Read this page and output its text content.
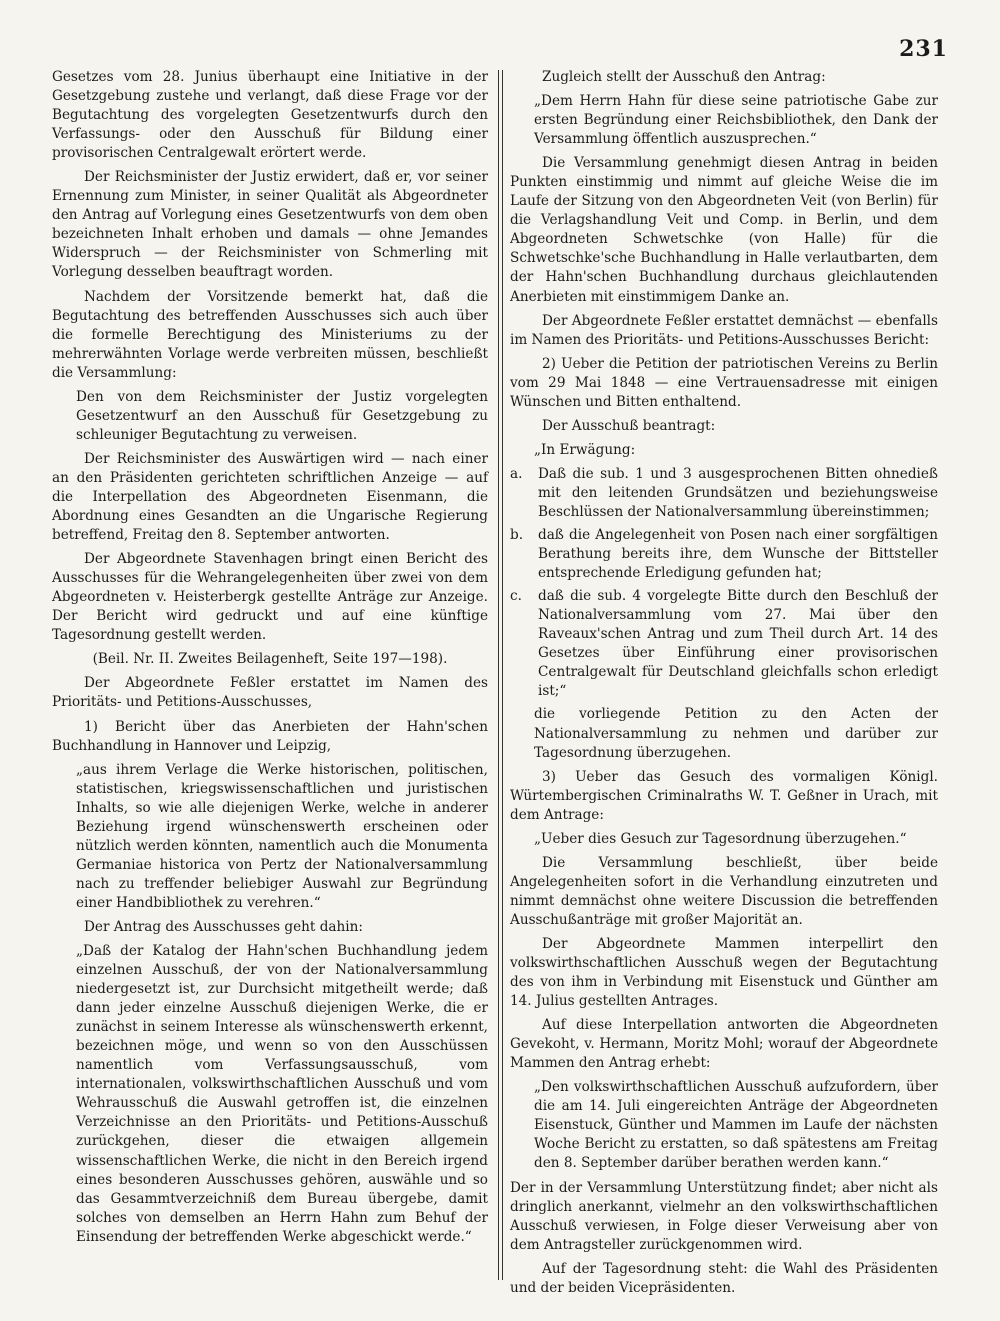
231

Gesetzes vom 28. Junius überhaupt eine Initiative in der Gesetzgebung zustehe und verlangt, daß diese Frage vor der Begutachtung des vorgelegten Gesetzentwurfs durch den Verfassungs- oder den Ausschuß für Bildung einer provisorischen Centralgewalt erörtert werde.

Der Reichsminister der Justiz erwidert, daß er, vor seiner Ernennung zum Minister, in seiner Qualität als Abgeordneter den Antrag auf Vorlegung eines Gesetzentwurfs von dem oben bezeichneten Inhalt erhoben und damals — ohne Jemandes Widerspruch — der Reichsminister von Schmerling mit Vorlegung desselben beauftragt worden.

Nachdem der Vorsitzende bemerkt hat, daß die Begutachtung des betreffenden Ausschusses sich auch über die formelle Berechtigung des Ministeriums zu der mehrerwähnten Vorlage werde verbreiten müssen, beschließt die Versammlung:

Den von dem Reichsminister der Justiz vorgelegten Gesetzentwurf an den Ausschuß für Gesetzgebung zu schleuniger Begutachtung zu verweisen.

Der Reichsminister des Auswärtigen wird — nach einer an den Präsidenten gerichteten schriftlichen Anzeige — auf die Interpellation des Abgeordneten Eisenmann, die Abordnung eines Gesandten an die Ungarische Regierung betreffend, Freitag den 8. September antworten.

Der Abgeordnete Stavenhagen bringt einen Bericht des Ausschusses für die Wehrangelegenheiten über zwei von dem Abgeordneten v. Heisterbergk gestellte Anträge zur Anzeige. Der Bericht wird gedruckt und auf eine künftige Tagesordnung gestellt werden.

(Beil. Nr. II. Zweites Beilagenheft, Seite 197—198).

Der Abgeordnete Feßler erstattet im Namen des Prioritäts- und Petitions-Ausschusses,

1) Bericht über das Anerbieten der Hahn'schen Buchhandlung in Hannover und Leipzig,

„aus ihrem Verlage die Werke historischen, politischen, statistischen, kriegswissenschaftlichen und juristischen Inhalts, so wie alle diejenigen Werke, welche in anderer Beziehung irgend wünschenswerth erscheinen oder nützlich werden könnten, namentlich auch die Monumenta Germaniae historica von Pertz der Nationalversammlung nach zu treffender beliebiger Auswahl zur Begründung einer Handbibliothek zu verehren.“

Der Antrag des Ausschusses geht dahin:

„Daß der Katalog der Hahn'schen Buchhandlung jedem einzelnen Ausschuß, der von der Nationalversammlung niedergesetzt ist, zur Durchsicht mitgetheilt werde; daß dann jeder einzelne Ausschuß diejenigen Werke, die er zunächst in seinem Interesse als wünschenswerth erkennt, bezeichnen möge, und wenn so von den Ausschüssen namentlich vom Verfassungsausschuß, vom internationalen, volkswirthschaftlichen Ausschuß und vom Wehrausschuß die Auswahl getroffen ist, die einzelnen Verzeichnisse an den Prioritäts- und Petitions-Ausschuß zurückgehen, dieser die etwaigen allgemein wissenschaftlichen Werke, die nicht in den Bereich irgend eines besonderen Ausschusses gehören, auswähle und so das Gesammtverzeichniß dem Bureau übergebe, damit solches von demselben an Herrn Hahn zum Behuf der Einsendung der betreffenden Werke abgeschickt werde.“

Zugleich stellt der Ausschuß den Antrag:

„Dem Herrn Hahn für diese seine patriotische Gabe zur ersten Begründung einer Reichsbibliothek, den Dank der Versammlung öffentlich auszusprechen.“

Die Versammlung genehmigt diesen Antrag in beiden Punkten einstimmig und nimmt auf gleiche Weise die im Laufe der Sitzung von den Abgeordneten Veit (von Berlin) für die Verlagshandlung Veit und Comp. in Berlin, und dem Abgeordneten Schwetschke (von Halle) für die Schwetschke'sche Buchhandlung in Halle verlautbarten, dem der Hahn'schen Buchhandlung durchaus gleichlautenden Anerbieten mit einstimmigem Danke an.

Der Abgeordnete Feßler erstattet demnächst — ebenfalls im Namen des Prioritäts- und Petitions-Ausschusses Bericht:

2) Ueber die Petition der patriotischen Vereins zu Berlin vom 29 Mai 1848 — eine Vertrauensadresse mit einigen Wünschen und Bitten enthaltend.

Der Ausschuß beantragt:

„In Erwägung:

a. Daß die sub. 1 und 3 ausgesprochenen Bitten ohnedieß mit den leitenden Grundsätzen und beziehungsweise Beschlüssen der Nationalversammlung übereinstimmen;
b. daß die Angelegenheit von Posen nach einer sorgfältigen Berathung bereits ihre, dem Wunsche der Bittsteller entsprechende Erledigung gefunden hat;
c. daß die sub. 4 vorgelegte Bitte durch den Beschluß der Nationalversammlung vom 27. Mai über den Raveaux'schen Antrag und zum Theil durch Art. 14 des Gesetzes über Einführung einer provisorischen Centralgewalt für Deutschland gleichfalls schon erledigt ist;“

die vorliegende Petition zu den Acten der Nationalversammlung zu nehmen und darüber zur Tagesordnung überzugehen.

3) Ueber das Gesuch des vormaligen Königl. Würtembergischen Criminalraths W. T. Geßner in Urach, mit dem Antrage:

„Ueber dies Gesuch zur Tagesordnung überzugehen.“

Die Versammlung beschließt, über beide Angelegenheiten sofort in die Verhandlung einzutreten und nimmt demnächst ohne weitere Discussion die betreffenden Ausschußanträge mit großer Majorität an.

Der Abgeordnete Mammen interpellirt den volkswirthschaftlichen Ausschuß wegen der Begutachtung des von ihm in Verbindung mit Eisenstuck und Günther am 14. Julius gestellten Antrages.

Auf diese Interpellation antworten die Abgeordneten Gevekoht, v. Hermann, Moritz Mohl; worauf der Abgeordnete Mammen den Antrag erhebt:

„Den volkswirthschaftlichen Ausschuß aufzufordern, über die am 14. Juli eingereichten Anträge der Abgeordneten Eisenstuck, Günther und Mammen im Laufe der nächsten Woche Bericht zu erstatten, so daß spätestens am Freitag den 8. September darüber berathen werden kann.“

Der in der Versammlung Unterstützung findet; aber nicht als dringlich anerkannt, vielmehr an den volkswirthschaftlichen Ausschuß verwiesen, in Folge dieser Verweisung aber von dem Antragsteller zurückgenommen wird.

Auf der Tagesordnung steht: die Wahl des Präsidenten und der beiden Vicepräsidenten.
